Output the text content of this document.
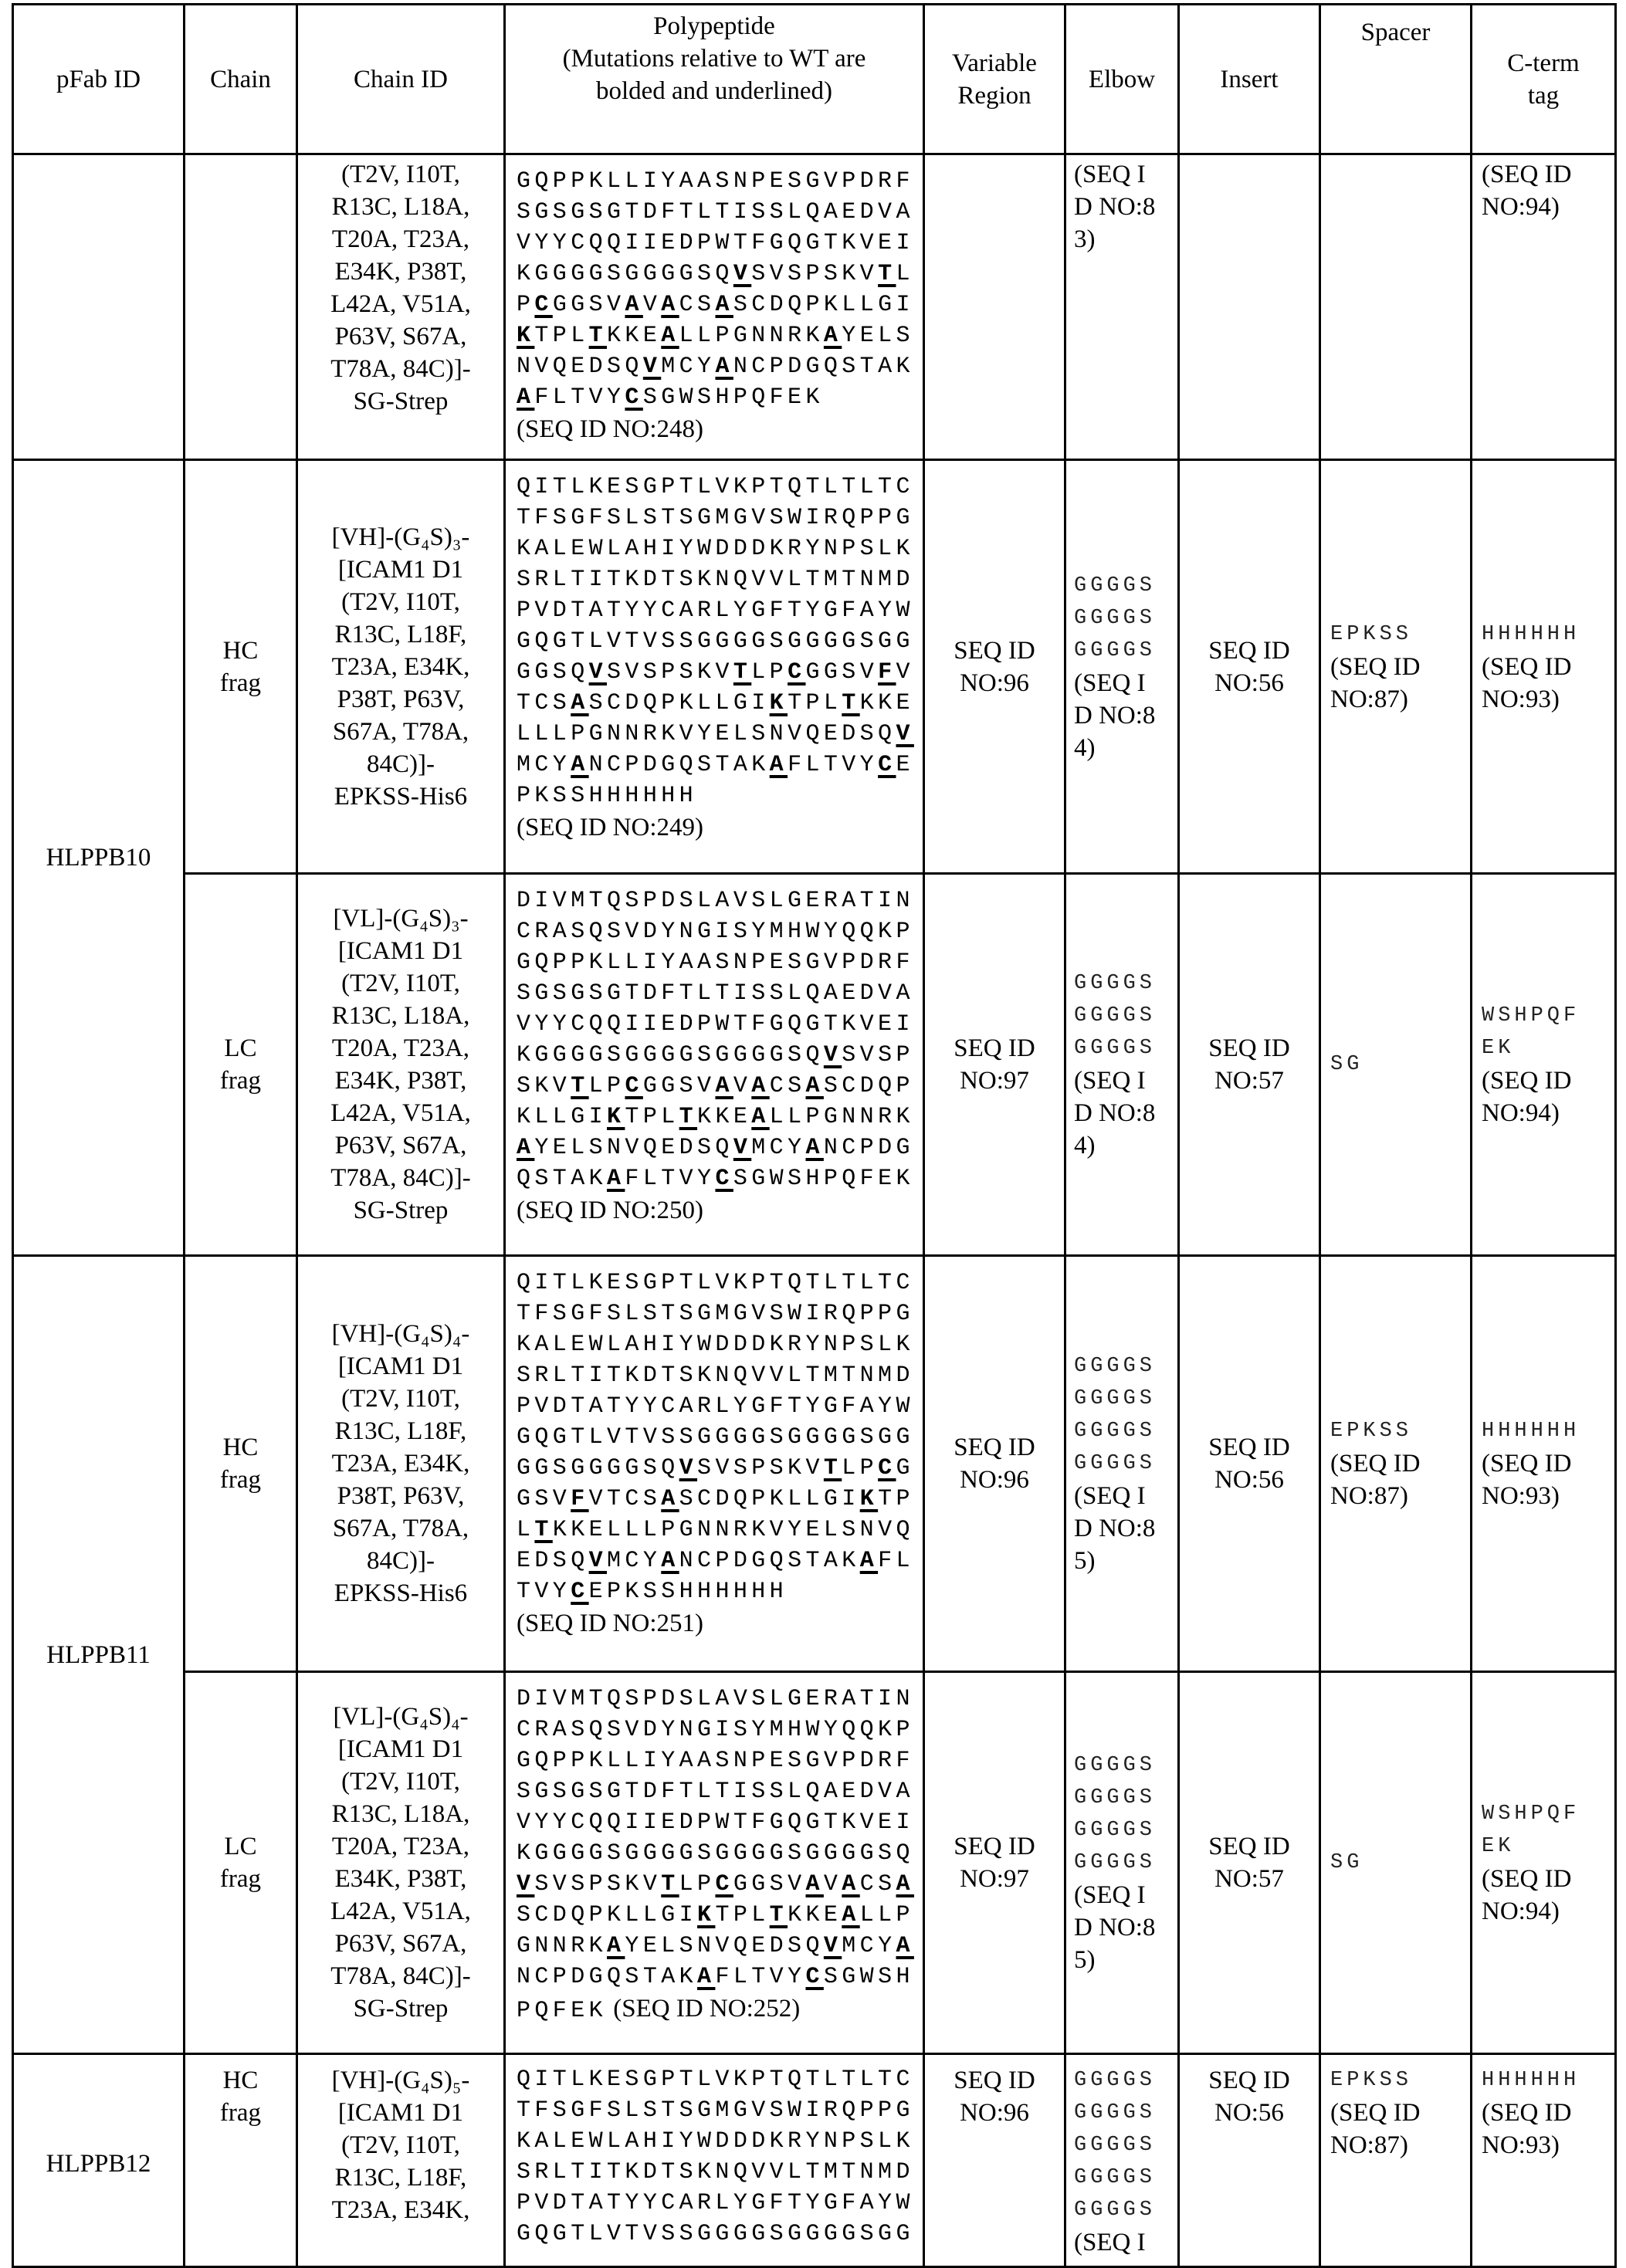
pFab ID	Chain	Chain ID	
Polypeptide
(Mutations relative to WT are bolded and underlined)
	Variable Region	Elbow	Insert	Spacer	C-term tag

(T2V, I10T,
R13C, L18A,
T20A, T23A,
E34K, P38T,
L42A, V51A,
P63V, S67A,
T78A, 84C)]-
SG-Strep

GQPPKLLIYAASNPESGVPDRF
SGSGSGTDFTLTISSLQAEDVA
VYYCQQIIEDPWTFGQGTKVEI
KGGGGSGGGGSQVSVSPSKVTL
PCGGSVAVACSASCDQPKLLGI
KTPLTKKEALLPGNNRKAYELS
NVQEDSQVMCYANCPDGQSTAK
AFLTVYCSGWSHPQFEK
(SEQ ID NO:248)

(SEQ I
D NO:8
3)

(SEQ ID
NO:94)

HLPPB10	
HC
frag

[VH]-(G₄S)₃-
[ICAM1 D1
(T2V, I10T,
R13C, L18F,
T23A, E34K,
P38T, P63V,
S67A, T78A,
84C)]-
EPKSS-His6

QITLKESGPTLVKPTQTLTLTC
TFSGFSLSTSGMGVSWIRQPPG
KALEWLAHIYWDDDKRYNPSLK
SRLTITKDTSKNQVVLTMTNMD
PVDTATYYCARLYGFTYGFAYW
GQGTLVTVSSGGGGSGGGGSGG
GGSQVSVSPSKVTLPCGGSVFV
TCSASCDQPKLLGIKTPLTKKE
LLLPGNNRKVYELSNVQEDSQV
MCYANCPDGQSTAKAFLTVYCE
PKSSHHHHHH
(SEQ ID NO:249)

SEQ ID
NO:96

GGGGS
GGGGS
GGGGS
(SEQ I
D NO:8
4)

SEQ ID
NO:56

EPKSS
(SEQ ID
NO:87)

HHHHHH
(SEQ ID
NO:93)

LC
frag

[VL]-(G₄S)₃-
[ICAM1 D1
(T2V, I10T,
R13C, L18A,
T20A, T23A,
E34K, P38T,
L42A, V51A,
P63V, S67A,
T78A, 84C)]-
SG-Strep

DIVMTQSPDSLAVSLGERATIN
CRASQSVDYNGISYMHWYQQKP
GQPPKLLIYAASNPESGVPDRF
SGSGSGTDFTLTISSLQAEDVA
VYYCQQIIEDPWTFGQGTKVEI
KGGGGSGGGGSGGGGSQVSVSP
SKVTLPCGGSVAVACSASCDQP
KLLGIKTPLTKKEALLPGNNRK
AYELSNVQEDSQVMCYANCPDG
QSTAKAFLTVYCSGWSHPQFEK
(SEQ ID NO:250)

SEQ ID
NO:97

GGGGS
GGGGS
GGGGS
(SEQ I
D NO:8
4)

SEQ ID
NO:57

SG

WSHPQF
EK
(SEQ ID
NO:94)

HLPPB11	
HC
frag

[VH]-(G₄S)₄-
[ICAM1 D1
(T2V, I10T,
R13C, L18F,
T23A, E34K,
P38T, P63V,
S67A, T78A,
84C)]-
EPKSS-His6

QITLKESGPTLVKPTQTLTLTC
TFSGFSLSTSGMGVSWIRQPPG
KALEWLAHIYWDDDKRYNPSLK
SRLTITKDTSKNQVVLTMTNMD
PVDTATYYCARLYGFTYGFAYW
GQGTLVTVSSGGGGSGGGGSGG
GGSGGGGSQVSVSPSKVTLPCG
GSVFVTCSASCDQPKLLGIKTP
LTKKELLLPGNNRKVYELSNVQ
EDSQVMCYANCPDGQSTAKAFL
TVYCEPKSSHHHHHH
(SEQ ID NO:251)

SEQ ID
NO:96

GGGGS
GGGGS
GGGGS
GGGGS
(SEQ I
D NO:8
5)

SEQ ID
NO:56

EPKSS
(SEQ ID
NO:87)

HHHHHH
(SEQ ID
NO:93)

LC
frag

[VL]-(G₄S)₄-
[ICAM1 D1
(T2V, I10T,
R13C, L18A,
T20A, T23A,
E34K, P38T,
L42A, V51A,
P63V, S67A,
T78A, 84C)]-
SG-Strep

DIVMTQSPDSLAVSLGERATIN
CRASQSVDYNGISYMHWYQQKP
GQPPKLLIYAASNPESGVPDRF
SGSGSGTDFTLTISSLQAEDVA
VYYCQQIIEDPWTFGQGTKVEI
KGGGGSGGGGSGGGGSGGGGSQ
VSVSPSKVTLPCGGSVAVACSA
SCDQPKLLGIKTPLTKKEALLP
GNNRKAYELSNVQEDSQVMCYA
NCPDGQSTAKAFLTVYCSGWSH
PQFEK (SEQ ID NO:252)

SEQ ID
NO:97

GGGGS
GGGGS
GGGGS
GGGGS
(SEQ I
D NO:8
5)

SEQ ID
NO:57

SG

WSHPQF
EK
(SEQ ID
NO:94)

HLPPB12	
HC
frag

[VH]-(G₄S)₅-
[ICAM1 D1
(T2V, I10T,
R13C, L18F,
T23A, E34K,

QITLKESGPTLVKPTQTLTLTC
TFSGFSLSTSGMGVSWIRQPPG
KALEWLAHIYWDDDKRYNPSLK
SRLTITKDTSKNQVVLTMTNMD
PVDTATYYCARLYGFTYGFAYW
GQGTLVTVSSGGGGSGGGGSGG

SEQ ID
NO:96

GGGGS
GGGGS
GGGGS
GGGGS
GGGGS
(SEQ I

SEQ ID
NO:56

EPKSS
(SEQ ID
NO:87)

HHHHHH
(SEQ ID
NO:93)
